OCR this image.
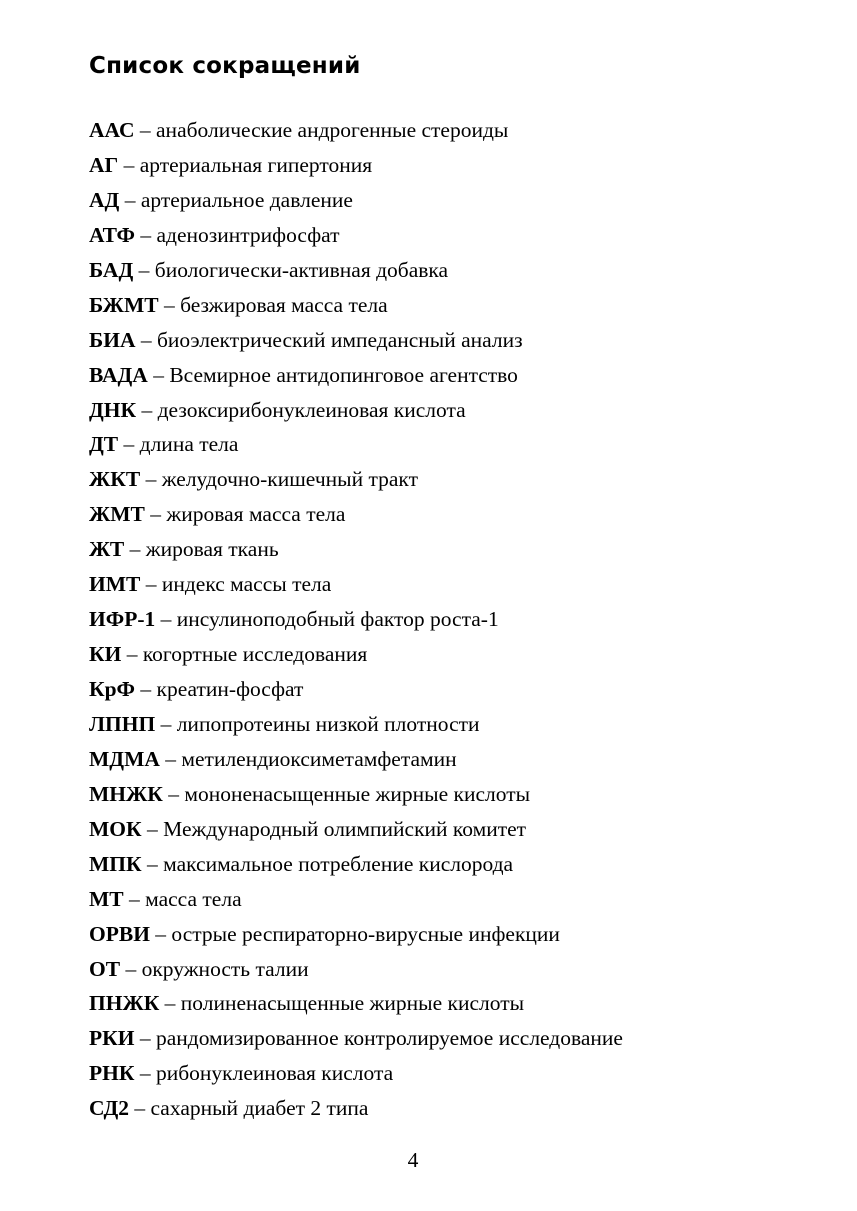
Список сокращений
ААС – анаболические андрогенные стероиды
АГ – артериальная гипертония
АД – артериальное давление
АТФ – аденозинтрифосфат
БАД – биологически-активная добавка
БЖМТ – безжировая масса тела
БИА – биоэлектрический импедансный анализ
ВАДА – Всемирное антидопинговое агентство
ДНК – дезоксирибонуклеиновая кислота
ДТ – длина тела
ЖКТ – желудочно-кишечный тракт
ЖМТ – жировая масса тела
ЖТ – жировая ткань
ИМТ – индекс массы тела
ИФР-1 – инсулиноподобный фактор роста-1
КИ – когортные исследования
КрФ – креатин-фосфат
ЛПНП – липопротеины низкой плотности
МДМА – метилендиоксиметамфетамин
МНЖК – мононенасыщенные жирные кислоты
МОК – Международный олимпийский комитет
МПК – максимальное потребление кислорода
МТ – масса тела
ОРВИ – острые респираторно-вирусные инфекции
ОТ – окружность талии
ПНЖК – полиненасыщенные жирные кислоты
РКИ – рандомизированное контролируемое исследование
РНК – рибонуклеиновая кислота
СД2 – сахарный диабет 2 типа
4
